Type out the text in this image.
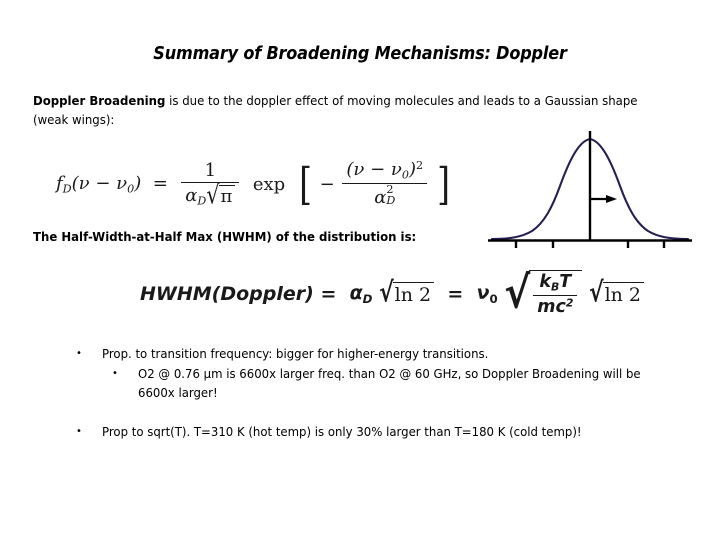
Summary of Broadening Mechanisms: Doppler
Doppler Broadening is due to the doppler effect of moving molecules and leads to a Gaussian shape (weak wings):
$f_D(\nu - \nu_0) = \frac{1}{\alpha_D√\pi}$ exp  [ − $(\nu - \nu_0)^2$
α 2
D ]
The Half-Width-at-Half Max (HWHM) of the distribution is:
HWHM(Doppler) =  $\alpha_D$ √ln $2 = \nu_0$ √ $\frac{k_BT}{mc^2} √\ln$ 2
• Prop. to transition frequency: bigger for higher-energy transitions.
• O2 @ 0.76 µm is 6600x larger freq. than O2 @ 60 GHz, so Doppler Broadening will be 6600x larger!
• Prop to sqrt(T). T=310 K (hot temp) is only 30% larger than T=180 K (cold temp)!
